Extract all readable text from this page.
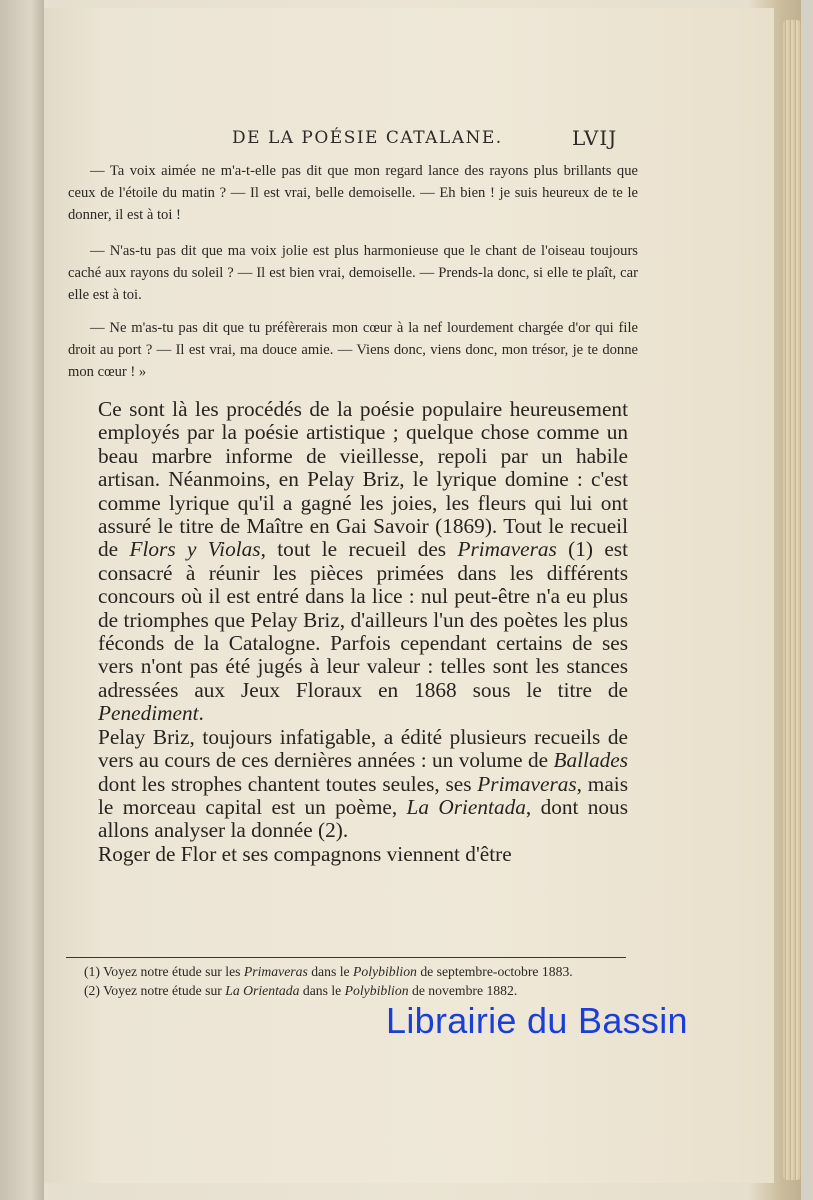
DE LA POÉSIE CATALANE.	LVIJ

— Ta voix aimée ne m'a-t-elle pas dit que mon regard lance des rayons plus brillants que ceux de l'étoile du matin ? — Il est vrai, belle demoiselle. — Eh bien ! je suis heureux de te le donner, il est à toi !

— N'as-tu pas dit que ma voix jolie est plus harmonieuse que le chant de l'oiseau toujours caché aux rayons du soleil ? — Il est bien vrai, demoiselle. — Prends-la donc, si elle te plaît, car elle est à toi.

— Ne m'as-tu pas dit que tu préfèrerais mon cœur à la nef lourdement chargée d'or qui file droit au port ? — Il est vrai, ma douce amie. — Viens donc, viens donc, mon trésor, je te donne mon cœur ! »

Ce sont là les procédés de la poésie populaire heureusement employés par la poésie artistique ; quelque chose comme un beau marbre informe de vieillesse, repoli par un habile artisan. Néanmoins, en Pelay Briz, le lyrique domine : c'est comme lyrique qu'il a gagné les joies, les fleurs qui lui ont assuré le titre de Maître en Gai Savoir (1869). Tout le recueil de Flors y Violas, tout le recueil des Primaveras (1) est consacré à réunir les pièces primées dans les différents concours où il est entré dans la lice : nul peut-être n'a eu plus de triomphes que Pelay Briz, d'ailleurs l'un des poètes les plus féconds de la Catalogne. Parfois cependant certains de ses vers n'ont pas été jugés à leur valeur : telles sont les stances adressées aux Jeux Floraux en 1868 sous le titre de Penediment.

Pelay Briz, toujours infatigable, a édité plusieurs recueils de vers au cours de ces dernières années : un volume de Ballades dont les strophes chantent toutes seules, ses Primaveras, mais le morceau capital est un poème, La Orientada, dont nous allons analyser la donnée (2).

Roger de Flor et ses compagnons viennent d'être

(1) Voyez notre étude sur les Primaveras dans le Polybiblion de septembre-octobre 1883.

(2) Voyez notre étude sur La Orientada dans le Polybiblion de novembre 1882.

Librairie du Bassin
